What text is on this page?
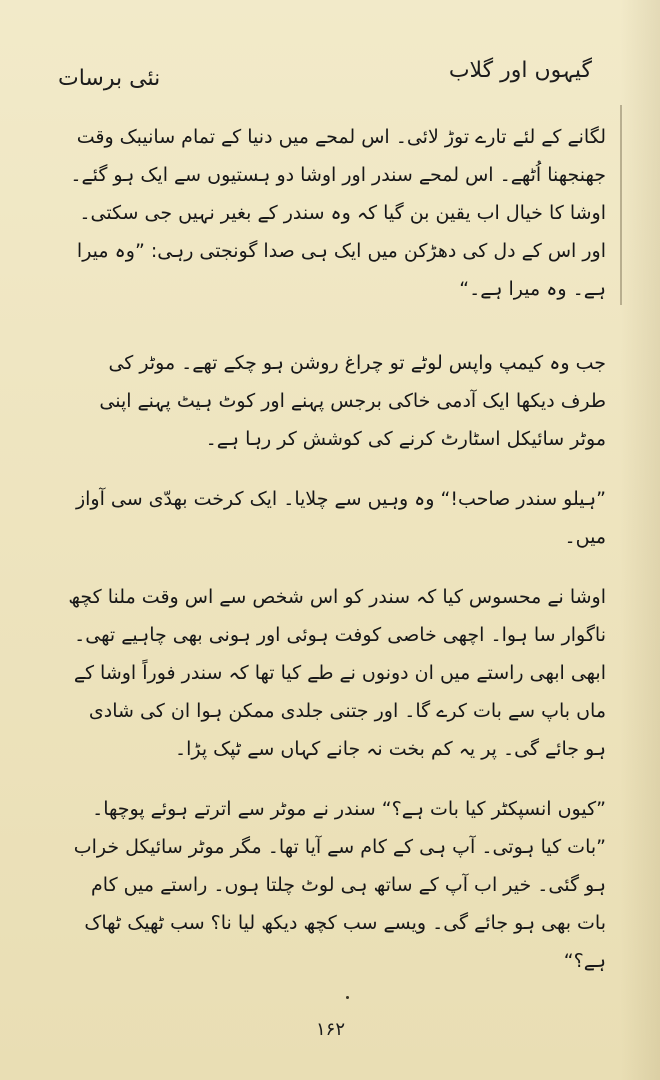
گیہوں اور گلاب
نئی برسات

لگانے کے لئے تارے توڑ لائی۔ اس لمحے میں دنیا کے تمام سانیبک وقت جھنجھنا اُٹھے۔ اس لمحے سندر اور اوشا دو ہستیوں سے ایک ہو گئے۔ اوشا کا خیال اب یقین بن گیا کہ وہ سندر کے بغیر نہیں جی سکتی۔ اور اس کے دل کی دھڑکن میں ایک ہی صدا گونجتی رہی: ”وہ میرا ہے۔ وہ میرا ہے۔“

جب وہ کیمپ واپس لوٹے تو چراغ روشن ہو چکے تھے۔ موٹر کی طرف دیکھا ایک آدمی خاکی برجس پہنے اور کوٹ ہیٹ پہنے اپنی موٹر سائیکل اسٹارٹ کرنے کی کوشش کر رہا ہے۔

”ہیلو سندر صاحب!“ وہ وہیں سے چلایا۔ ایک کرخت بھدّی سی آواز میں۔

اوشا نے محسوس کیا کہ سندر کو اس شخص سے اس وقت ملنا کچھ ناگوار سا ہوا۔ اچھی خاصی کوفت ہوئی اور ہونی بھی چاہیے تھی۔ ابھی ابھی راستے میں ان دونوں نے طے کیا تھا کہ سندر فوراً اوشا کے ماں باپ سے بات کرے گا۔ اور جتنی جلدی ممکن ہوا ان کی شادی ہو جائے گی۔ پر یہ کم بخت نہ جانے کہاں سے ٹپک پڑا۔

”کیوں انسپکٹر کیا بات ہے؟“ سندر نے موٹر سے اترتے ہوئے پوچھا۔ ”بات کیا ہوتی۔ آپ ہی کے کام سے آیا تھا۔ مگر موٹر سائیکل خراب ہو گئی۔ خیر اب آپ کے ساتھ ہی لوٹ چلتا ہوں۔ راستے میں کام بات بھی ہو جائے گی۔ ویسے سب کچھ دیکھ لیا نا؟ سب ٹھیک ٹھاک ہے؟“

۱۶۲
